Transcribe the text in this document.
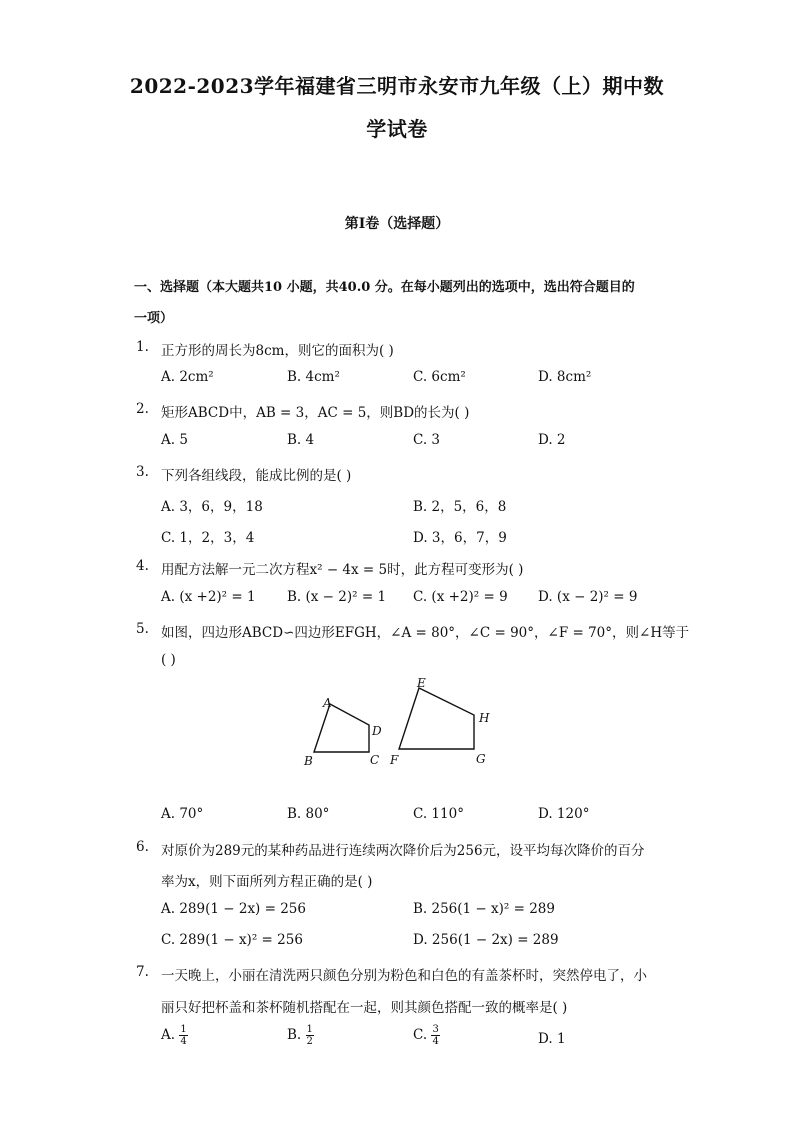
2022-2023学年福建省三明市永安市九年级（上）期中数
学试卷
第I卷（选择题）
一、选择题（本大题共10 小题，共40.0 分。在每小题列出的选项中，选出符合题目的
一项）
1. 正方形的周长为8cm，则它的面积为( )
A. 2cm²	B. 4cm²	C. 6cm²	D. 8cm²
2. 矩形ABCD中，AB = 3，AC = 5，则BD的长为( )
A. 5	B. 4	C. 3	D. 2
3. 下列各组线段，能成比例的是( )
A. 3，6，9，18	B. 2，5，6，8
C. 1，2，3，4	D. 3，6，7，9
4. 用配方法解一元二次方程x² − 4x = 5时，此方程可变形为( )
A. (x +2)² = 1 B. (x − 2)² = 1 C. (x +2)² = 9 D. (x − 2)² = 9
5. 如图，四边形ABCD∽四边形EFGH，∠A = 80°，∠C = 90°，∠F = 70°，则∠H等于
( )
A
B	C
D
E
F	G
H
A. 70°	B. 80°	C. 110°	D. 120°
6. 对原价为289元的某种药品进行连续两次降价后为256元，设平均每次降价的百分
率为x，则下面所列方程正确的是( )
A. 289(1 − 2x) = 256	B. 256(1 − x)² = 289
C. 289(1 − x)² = 256	D. 256(1 − 2x) = 289
7. 一天晚上，小丽在清洗两只颜色分别为粉色和白色的有盖茶杯时，突然停电了，小
丽只好把杯盖和茶杯随机搭配在一起，则其颜色搭配一致的概率是( )
A. $\frac{1}{4}$	B. $\frac{1}{2}$	C. $\frac{3}{4}$	D. 1
